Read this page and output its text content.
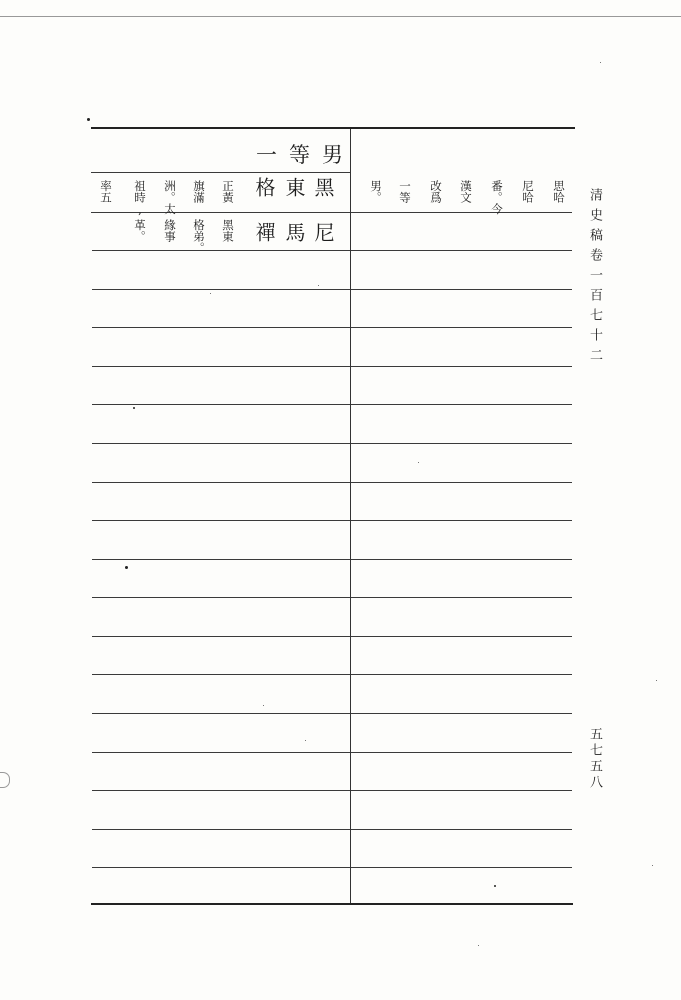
一等男
黑
尼
東
馬
格
禪
正黃
旗滿
洲。太
祖時,
率五
黑東
格弟。
緣事
革。
思哈
尼哈
番。今
漢文
改爲
一等
男。	清史稿卷一百七十二
五七五八
